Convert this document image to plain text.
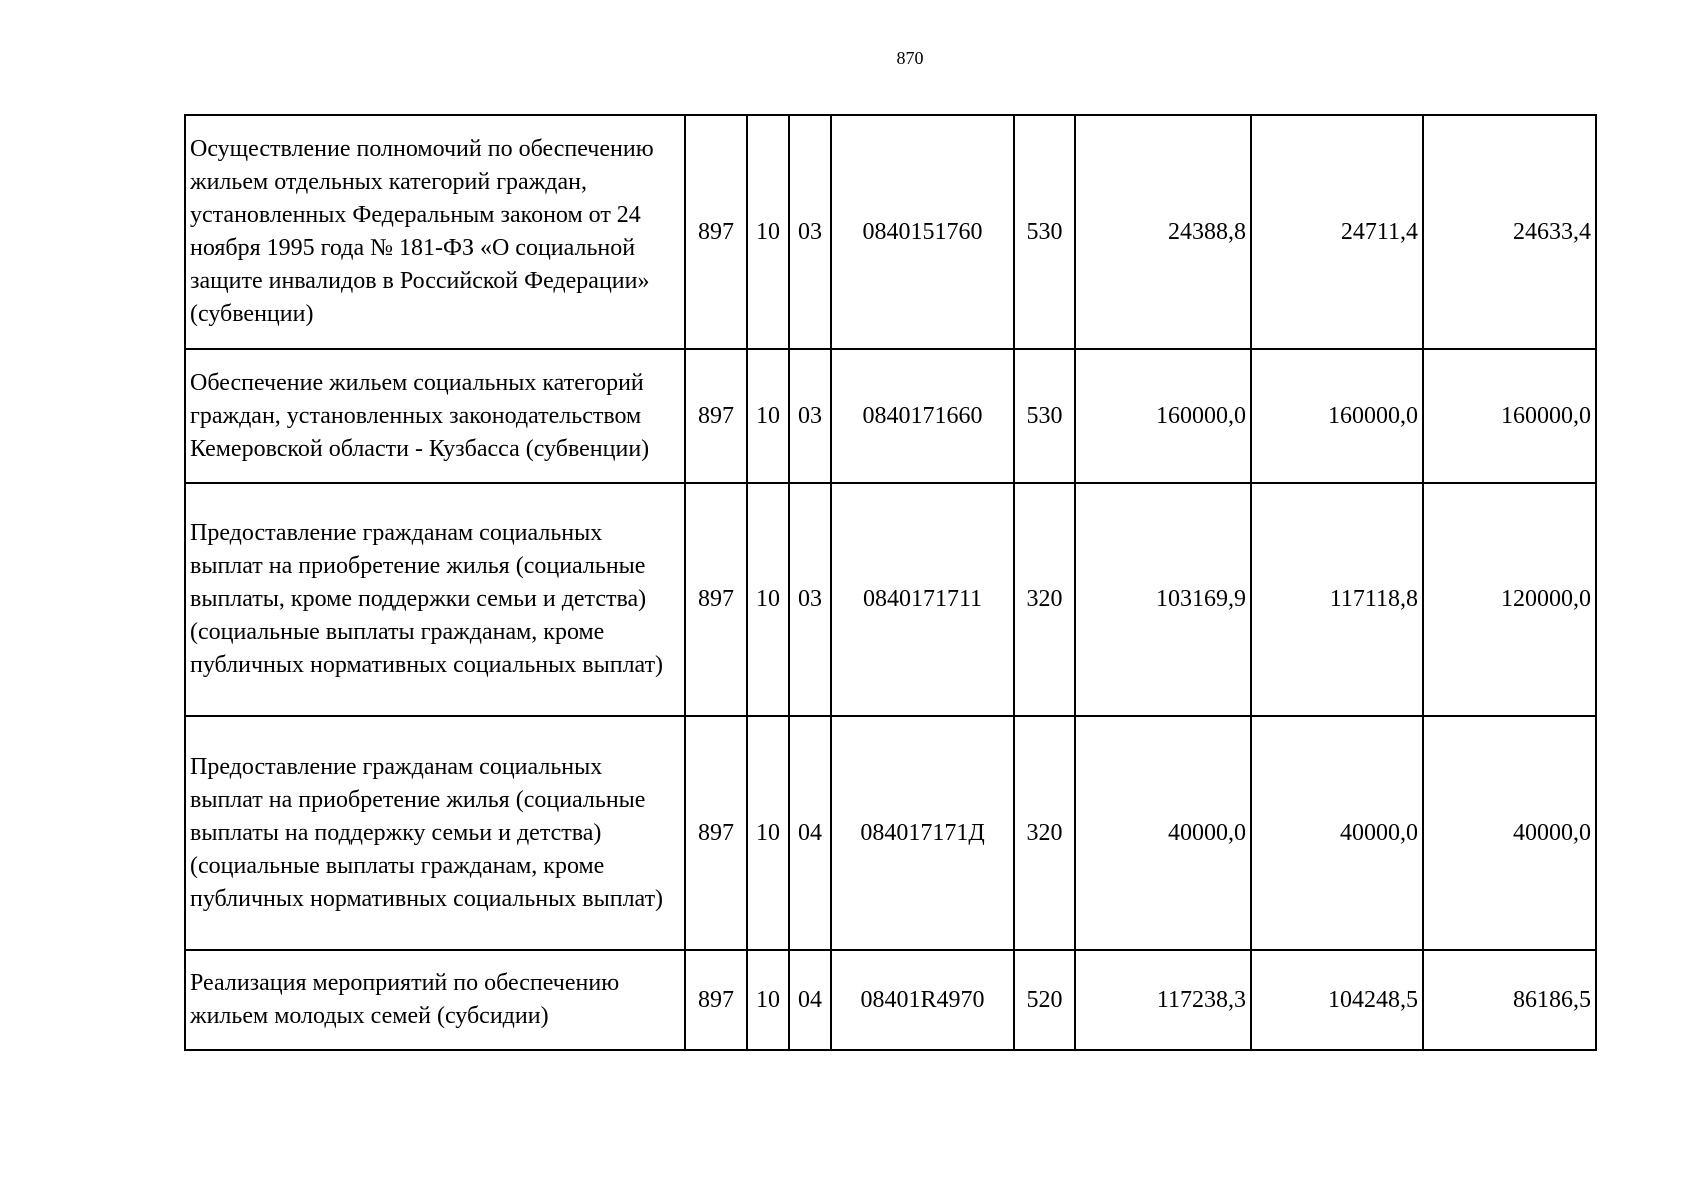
870
Осуществление полномочий по обеспечению жильем отдельных категорий граждан, установленных Федеральным законом от 24 ноября 1995 года № 181-ФЗ «О социальной защите инвалидов в Российской Федерации» (субвенции)	897	10	03	0840151760	530	24388,8	24711,4	24633,4
Обеспечение жильем социальных категорий граждан, установленных законодательством Кемеровской области - Кузбасса (субвенции)	897	10	03	0840171660	530	160000,0	160000,0	160000,0
Предоставление гражданам социальных выплат на приобретение жилья (социальные выплаты, кроме поддержки семьи и детства) (социальные выплаты гражданам, кроме публичных нормативных социальных выплат)	897	10	03	0840171711	320	103169,9	117118,8	120000,0
Предоставление гражданам социальных выплат на приобретение жилья (социальные выплаты на поддержку семьи и детства) (социальные выплаты гражданам, кроме публичных нормативных социальных выплат)	897	10	04	084017171Д	320	40000,0	40000,0	40000,0
Реализация мероприятий по обеспечению жильем молодых семей (субсидии)	897	10	04	08401R4970	520	117238,3	104248,5	86186,5
